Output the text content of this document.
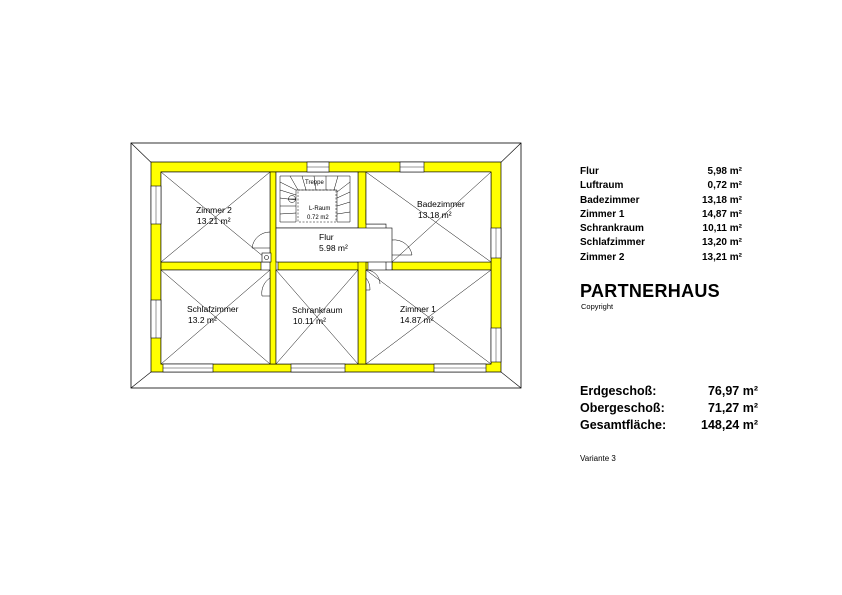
Zimmer 2
13.21 m²
Badezimmer
13.18 m²
Flur
5.98 m²
Treppe
L-Raum
0.72 m2
Schlafzimmer
13.2 m²
Schrankraum
10.11 m²
Zimmer 1
14.87 m²
Flur	5,98 m²
Luftraum	0,72 m²
Badezimmer	13,18 m²
Zimmer 1	14,87 m²
Schrankraum	10,11 m²
Schlafzimmer	13,20 m²
Zimmer 2	13,21 m²
PARTNERHAUS
Copyright
Erdgeschoß:	76,97 m²
Obergeschoß:	71,27 m²
Gesamtfläche:	148,24 m²
Variante 3
